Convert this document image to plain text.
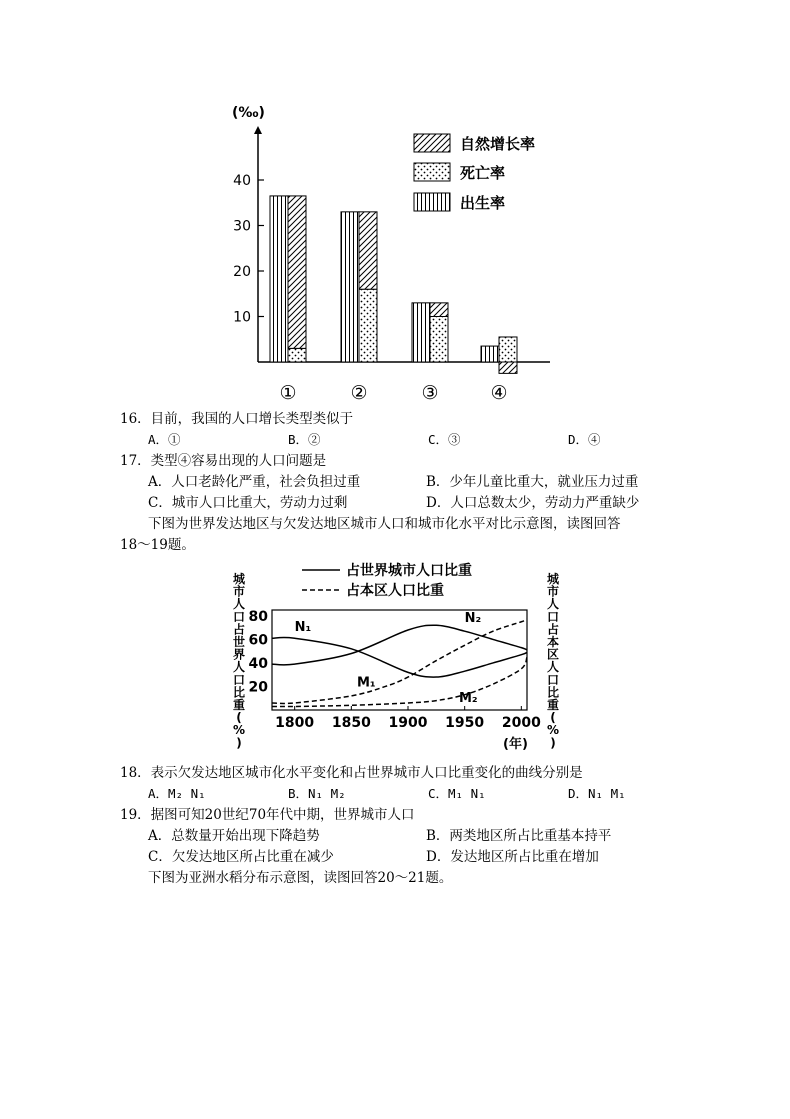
(‰)
10
20
30
40
①	②	③	④
自然增长率
死亡率
出生率
16．目前，我国的人口增长类型类似于
A．①	B．②	C．③	D．④
17．类型④容易出现的人口问题是
A．人口老龄化严重，社会负担过重	B．少年儿童比重大，就业压力过重
C．城市人口比重大，劳动力过剩	D．人口总数太少，劳动力严重缺少
下图为世界发达地区与欠发达地区城市人口和城市化水平对比示意图，读图回答
18～19题。
占世界城市人口比重
占本区人口比重
城市人口占世界人口比重( % )
城市人口占本区人口比重( % )
20
40
60
80
1800 1850 1900 1950 2000
N₁
N₂
M₁
M₂
(年)
18．表示欠发达地区城市化水平变化和占世界城市人口比重变化的曲线分别是
A．M₂ N₁	B．N₁ M₂	C．M₁ N₁	D．N₁ M₁
19．据图可知20世纪70年代中期，世界城市人口
A．总数量开始出现下降趋势	B．两类地区所占比重基本持平
C．欠发达地区所占比重在减少	D．发达地区所占比重在增加
下图为亚洲水稻分布示意图，读图回答20～21题。
